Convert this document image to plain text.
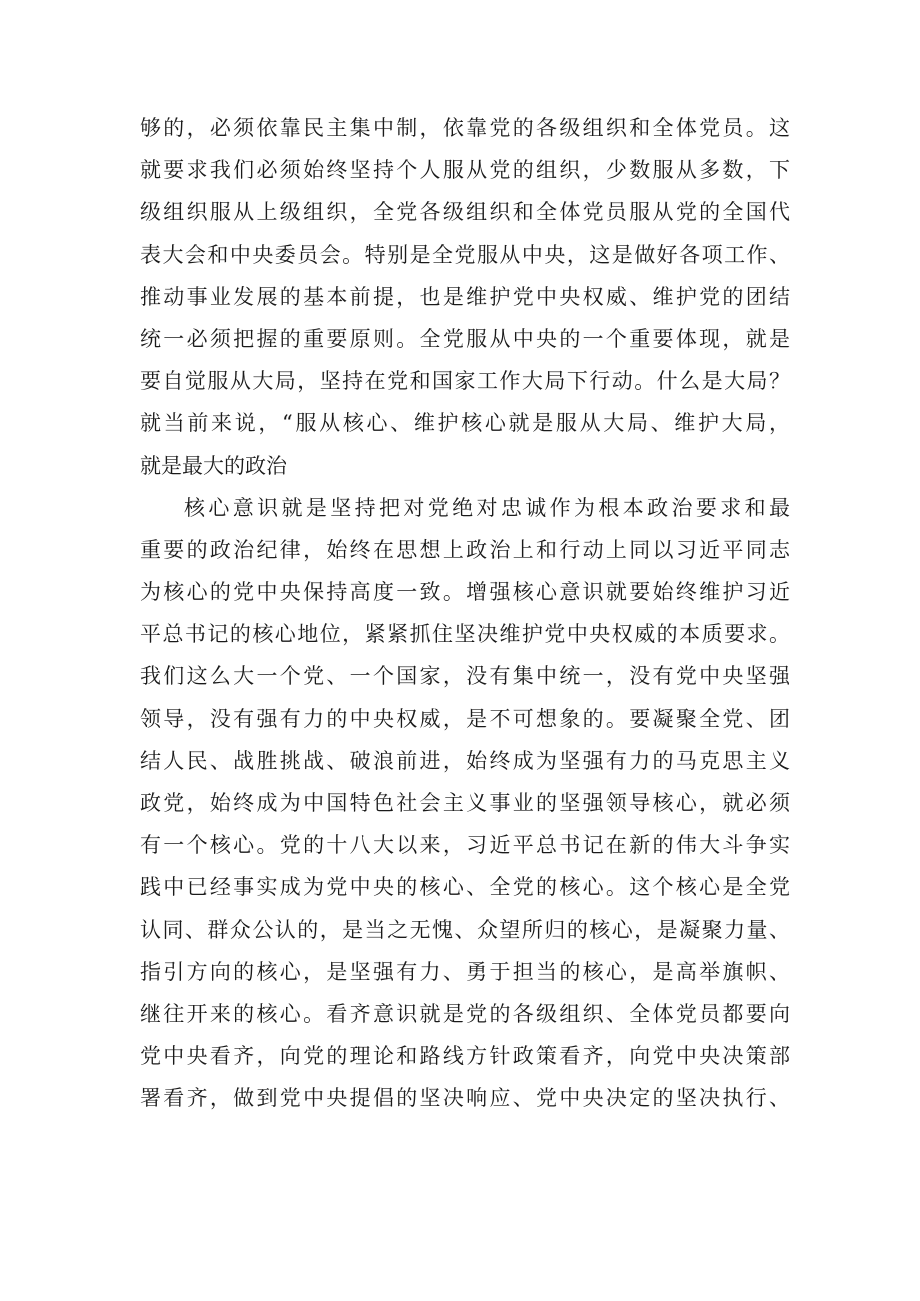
够的，必须依靠民主集中制，依靠党的各级组织和全体党员。这
就要求我们必须始终坚持个人服从党的组织，少数服从多数，下
级组织服从上级组织，全党各级组织和全体党员服从党的全国代
表大会和中央委员会。特别是全党服从中央，这是做好各项工作、
推动事业发展的基本前提，也是维护党中央权威、维护党的团结
统一必须把握的重要原则。全党服从中央的一个重要体现，就是
要自觉服从大局，坚持在党和国家工作大局下行动。什么是大局？
就当前来说，“服从核心、维护核心就是服从大局、维护大局，
就是最大的政治
核心意识就是坚持把对党绝对忠诚作为根本政治要求和最
重要的政治纪律，始终在思想上政治上和行动上同以习近平同志
为核心的党中央保持高度一致。增强核心意识就要始终维护习近
平总书记的核心地位，紧紧抓住坚决维护党中央权威的本质要求。
我们这么大一个党、一个国家，没有集中统一，没有党中央坚强
领导，没有强有力的中央权威，是不可想象的。要凝聚全党、团
结人民、战胜挑战、破浪前进，始终成为坚强有力的马克思主义
政党，始终成为中国特色社会主义事业的坚强领导核心，就必须
有一个核心。党的十八大以来，习近平总书记在新的伟大斗争实
践中已经事实成为党中央的核心、全党的核心。这个核心是全党
认同、群众公认的，是当之无愧、众望所归的核心，是凝聚力量、
指引方向的核心，是坚强有力、勇于担当的核心，是高举旗帜、
继往开来的核心。看齐意识就是党的各级组织、全体党员都要向
党中央看齐，向党的理论和路线方针政策看齐，向党中央决策部
署看齐，做到党中央提倡的坚决响应、党中央决定的坚决执行、
